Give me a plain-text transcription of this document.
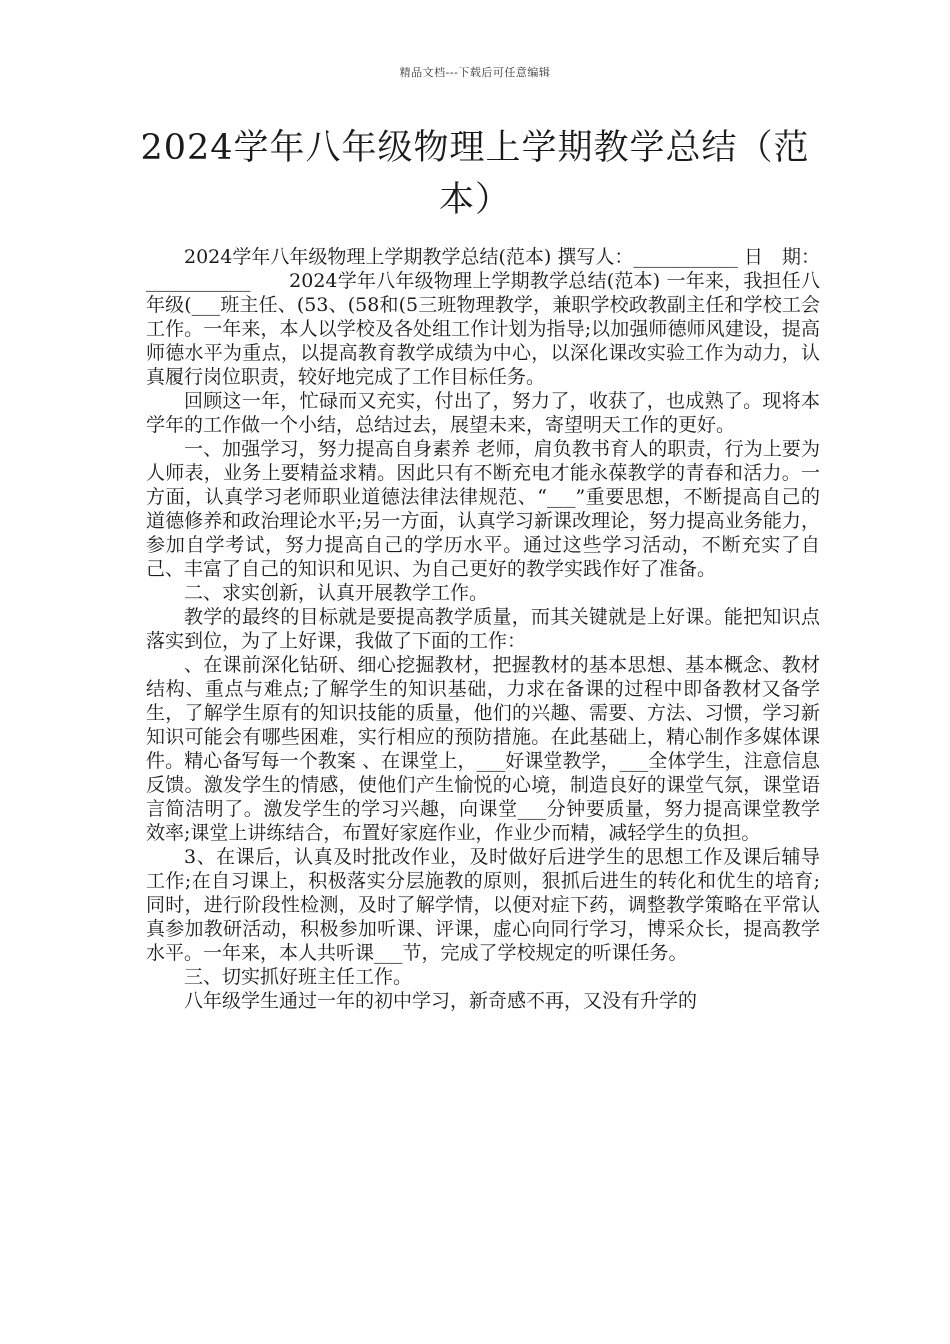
精品文档---下载后可任意编辑
2024学年八年级物理上学期教学总结（范本）

2024学年八年级物理上学期教学总结(范本) 撰写人：___________ 日　期：___________　　2024学年八年级物理上学期教学总结(范本) 一年来，我担任八年级(___班主任、(53、(58和(5三班物理教学，兼职学校政教副主任和学校工会工作。一年来，本人以学校及各处组工作计划为指导;以加强师德师风建设，提高师德水平为重点，以提高教育教学成绩为中心，以深化课改实验工作为动力，认真履行岗位职责，较好地完成了工作目标任务。

回顾这一年，忙碌而又充实，付出了，努力了，收获了，也成熟了。现将本学年的工作做一个小结，总结过去，展望未来，寄望明天工作的更好。

一、加强学习，努力提高自身素养 老师，肩负教书育人的职责，行为上要为人师表，业务上要精益求精。因此只有不断充电才能永葆教学的青春和活力。一方面，认真学习老师职业道德法律法律规范、“___”重要思想，不断提高自己的道德修养和政治理论水平;另一方面，认真学习新课改理论，努力提高业务能力，参加自学考试，努力提高自己的学历水平。通过这些学习活动，不断充实了自己、丰富了自己的知识和见识、为自己更好的教学实践作好了准备。

二、求实创新，认真开展教学工作。

教学的最终的目标就是要提高教学质量，而其关键就是上好课。能把知识点落实到位，为了上好课，我做了下面的工作：

、在课前深化钻研、细心挖掘教材，把握教材的基本思想、基本概念、教材结构、重点与难点;了解学生的知识基础，力求在备课的过程中即备教材又备学生，了解学生原有的知识技能的质量，他们的兴趣、需要、方法、习惯，学习新知识可能会有哪些困难，实行相应的预防措施。在此基础上，精心制作多媒体课件。精心备写每一个教案 、在课堂上，___好课堂教学，___全体学生，注意信息反馈。激发学生的情感，使他们产生愉悦的心境，制造良好的课堂气氛，课堂语言简洁明了。激发学生的学习兴趣，向课堂___分钟要质量，努力提高课堂教学效率;课堂上讲练结合，布置好家庭作业，作业少而精，减轻学生的负担。

3、在课后，认真及时批改作业，及时做好后进学生的思想工作及课后辅导工作;在自习课上，积极落实分层施教的原则，狠抓后进生的转化和优生的培育;同时，进行阶段性检测，及时了解学情，以便对症下药，调整教学策略在平常认真参加教研活动，积极参加听课、评课，虚心向同行学习，博采众长，提高教学水平。一年来，本人共听课___节，完成了学校规定的听课任务。

三、切实抓好班主任工作。

八年级学生通过一年的初中学习，新奇感不再，又没有升学的
